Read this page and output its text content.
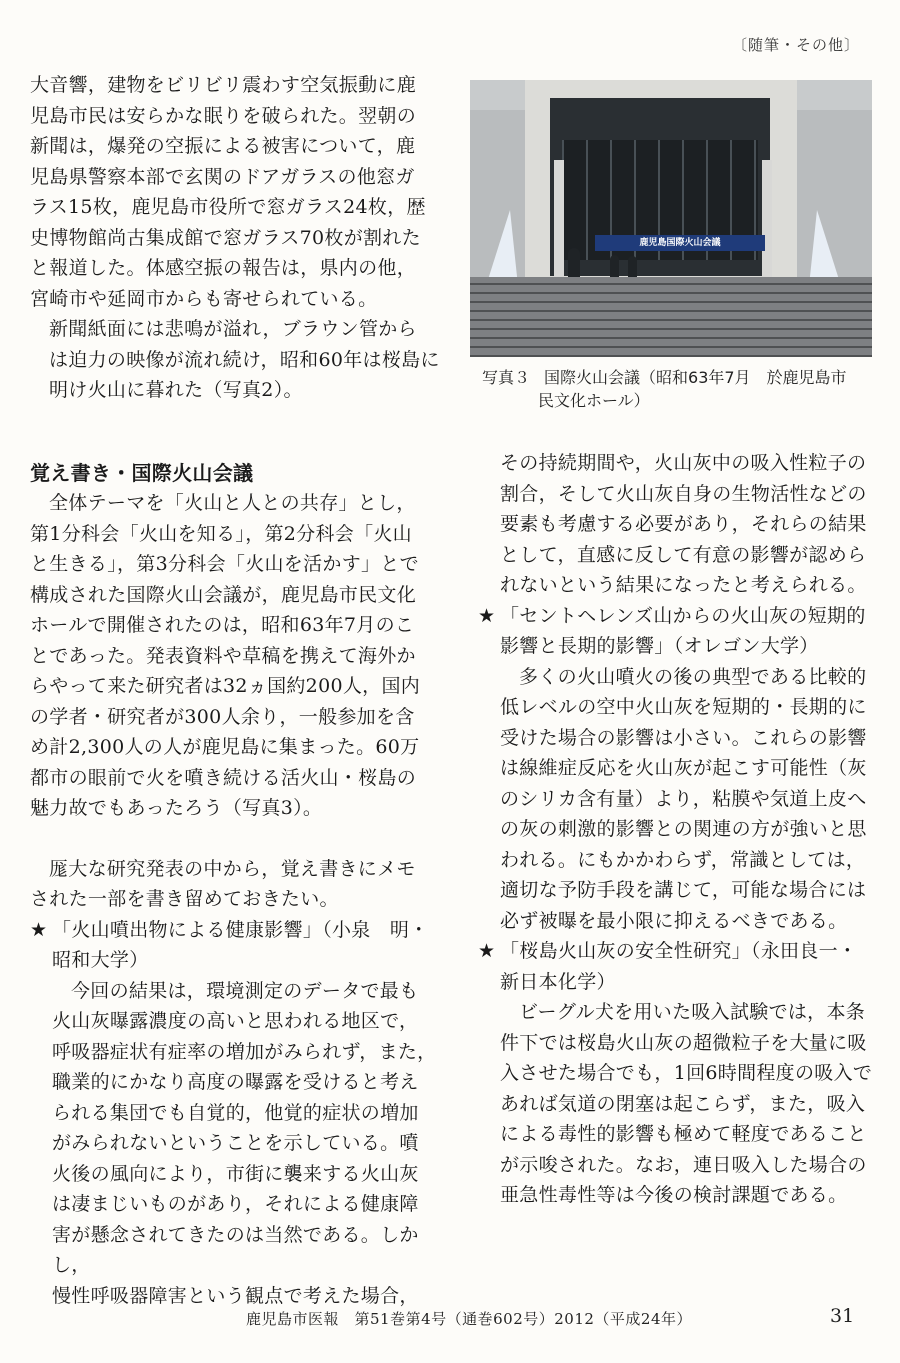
〔随筆・その他〕
大音響，建物をビリビリ震わす空気振動に鹿
児島市民は安らかな眠りを破られた。翌朝の
新聞は，爆発の空振による被害について，鹿
児島県警察本部で玄関のドアガラスの他窓ガ
ラス15枚，鹿児島市役所で窓ガラス24枚，歴
史博物館尚古集成館で窓ガラス70枚が割れた
と報道した。体感空振の報告は，県内の他，
宮崎市や延岡市からも寄せられている。
新聞紙面には悲鳴が溢れ，ブラウン管から
は迫力の映像が流れ続け，昭和60年は桜島に
明け火山に暮れた（写真2）。

覚え書き・国際火山会議

全体テーマを「火山と人との共存」とし，
第1分科会「火山を知る」，第2分科会「火山
と生きる」，第3分科会「火山を活かす」とで
構成された国際火山会議が，鹿児島市民文化
ホールで開催されたのは，昭和63年7月のこ
とであった。発表資料や草稿を携えて海外か
らやって来た研究者は32ヵ国約200人，国内
の学者・研究者が300人余り，一般参加を含
め計2,300人の人が鹿児島に集まった。60万
都市の眼前で火を噴き続ける活火山・桜島の
魅力故でもあったろう（写真3）。
厖大な研究発表の中から，覚え書きにメモ
された一部を書き留めておきたい。
★ 「火山噴出物による健康影響」（小泉　明・
昭和大学）
今回の結果は，環境測定のデータで最も
火山灰曝露濃度の高いと思われる地区で，
呼吸器症状有症率の増加がみられず，また，
職業的にかなり高度の曝露を受けると考え
られる集団でも自覚的，他覚的症状の増加
がみられないということを示している。噴
火後の風向により，市街に襲来する火山灰
は凄まじいものがあり，それによる健康障
害が懸念されてきたのは当然である。しかし，
慢性呼吸器障害という観点で考えた場合，
鹿児島国際火山会議
写真３ 国際火山会議（昭和63年7月　於鹿児島市
民文化ホール）
その持続期間や，火山灰中の吸入性粒子の
割合，そして火山灰自身の生物活性などの
要素も考慮する必要があり，それらの結果
として，直感に反して有意の影響が認めら
れないという結果になったと考えられる。
★ 「セントヘレンズ山からの火山灰の短期的
影響と長期的影響」（オレゴン大学）
多くの火山噴火の後の典型である比較的
低レベルの空中火山灰を短期的・長期的に
受けた場合の影響は小さい。これらの影響
は線維症反応を火山灰が起こす可能性（灰
のシリカ含有量）より，粘膜や気道上皮へ
の灰の刺激的影響との関連の方が強いと思
われる。にもかかわらず，常識としては，
適切な予防手段を講じて，可能な場合には
必ず被曝を最小限に抑えるべきである。
★ 「桜島火山灰の安全性研究」（永田良一・
新日本化学）
ビーグル犬を用いた吸入試験では，本条
件下では桜島火山灰の超微粒子を大量に吸
入させた場合でも，1回6時間程度の吸入で
あれば気道の閉塞は起こらず，また，吸入
による毒性的影響も極めて軽度であること
が示唆された。なお，連日吸入した場合の
亜急性毒性等は今後の検討課題である。
鹿児島市医報　第51巻第4号（通巻602号）2012（平成24年）	31
